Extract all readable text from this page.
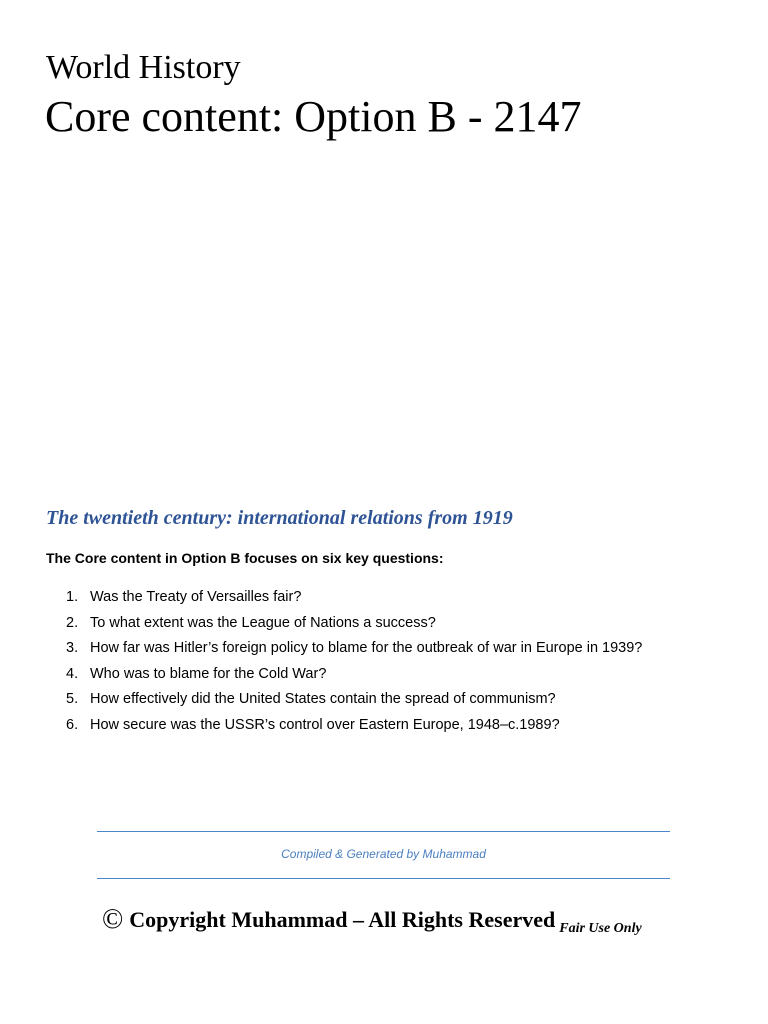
World History
Core content: Option B - 2147
The twentieth century: international relations from 1919
The Core content in Option B focuses on six key questions:
1. Was the Treaty of Versailles fair?
2. To what extent was the League of Nations a success?
3. How far was Hitler’s foreign policy to blame for the outbreak of war in Europe in 1939?
4. Who was to blame for the Cold War?
5. How effectively did the United States contain the spread of communism?
6. How secure was the USSR’s control over Eastern Europe, 1948–c.1989?
Compiled & Generated by Muhammad
© Copyright Muhammad – All Rights Reserved Fair Use Only
